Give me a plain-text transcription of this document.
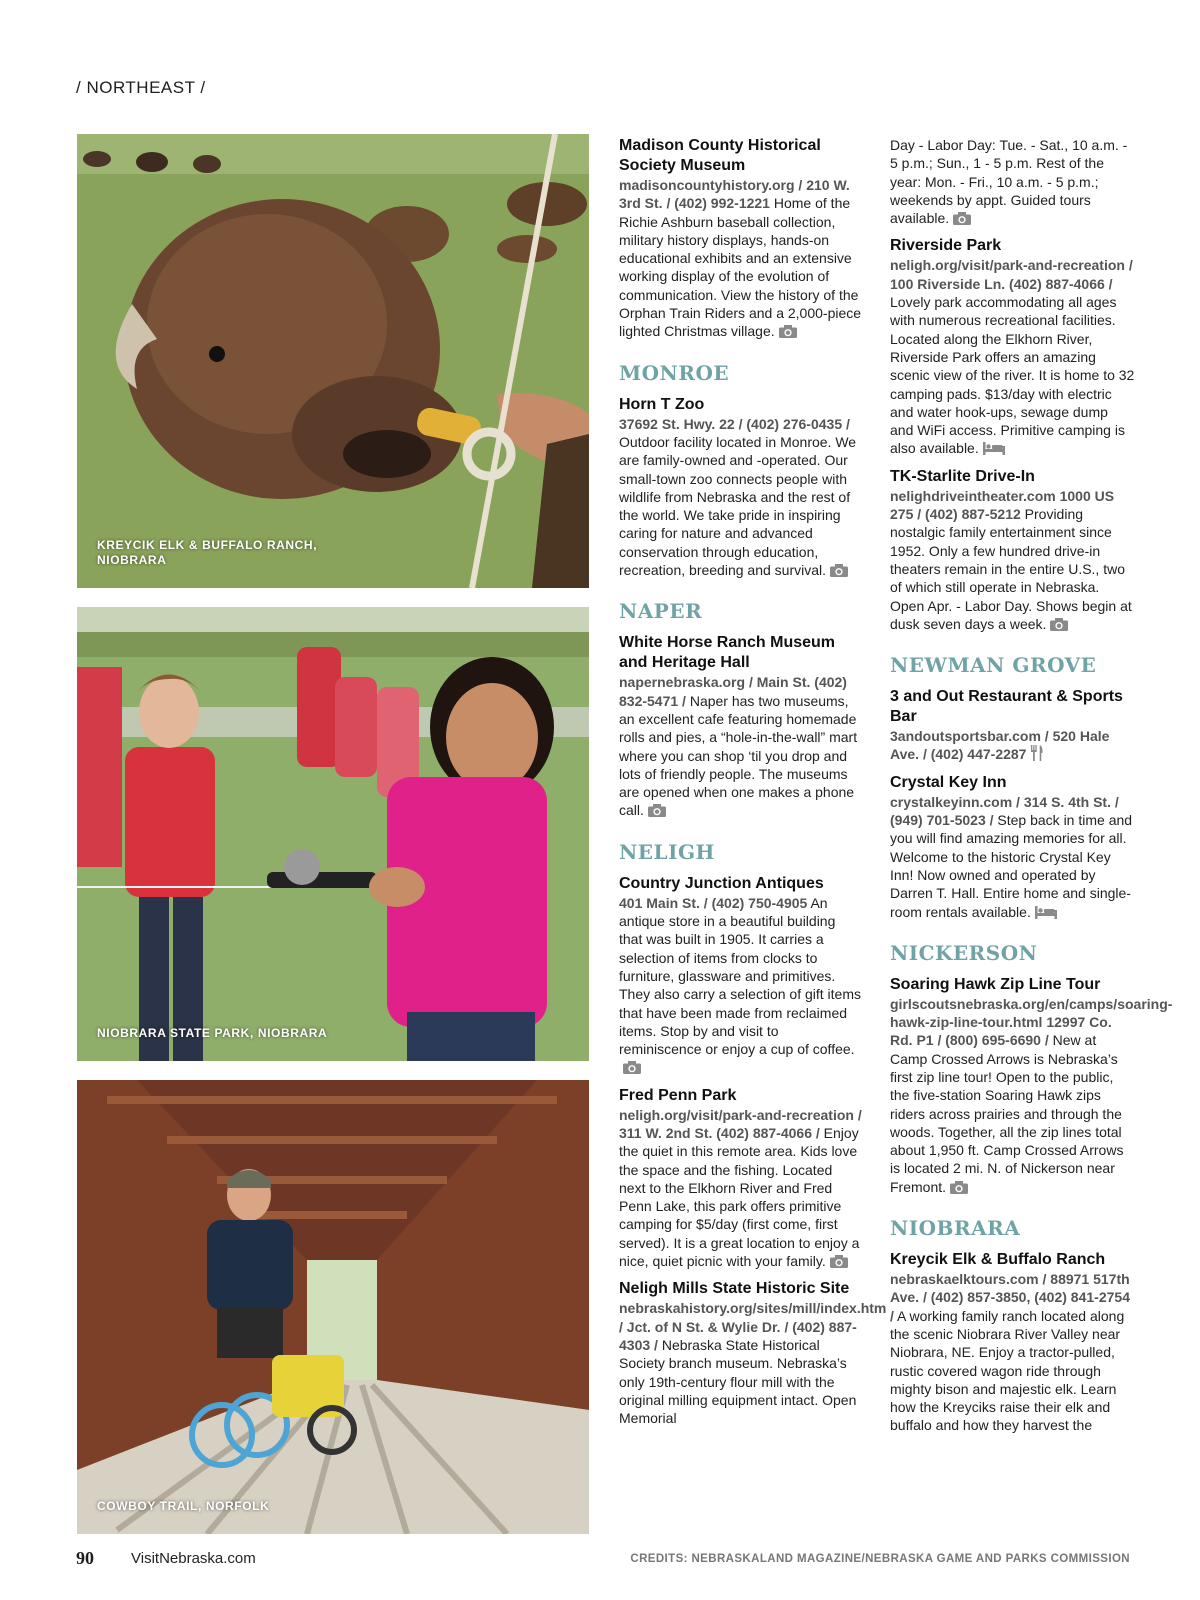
/ NORTHEAST /
KREYCIK ELK & BUFFALO RANCH, NIOBRARA
NIOBRARA STATE PARK, NIOBRARA
COWBOY TRAIL, NORFOLK
Madison County Historical Society Museum
madisoncountyhistory.org / 210 W. 3rd St. / (402) 992-1221 Home of the Richie Ashburn baseball collection, military history displays, hands-on educational exhibits and an extensive working display of the evolution of communication. View the history of the Orphan Train Riders and a 2,000-piece lighted Christmas village.
MONROE
Horn T Zoo
37692 St. Hwy. 22 / (402) 276-0435 / Outdoor facility located in Monroe. We are family-owned and -operated. Our small-town zoo connects people with wildlife from Nebraska and the rest of the world. We take pride in inspiring caring for nature and advanced conservation through education, recreation, breeding and survival.
NAPER
White Horse Ranch Museum and Heritage Hall
napernebraska.org / Main St. (402) 832-5471 / Naper has two museums, an excellent cafe featuring homemade rolls and pies, a “hole-in-the-wall” mart where you can shop ‘til you drop and lots of friendly people. The museums are opened when one makes a phone call.
NELIGH
Country Junction Antiques
401 Main St. / (402) 750-4905 An antique store in a beautiful building that was built in 1905. It carries a selection of items from clocks to furniture, glassware and primitives. They also carry a selection of gift items that have been made from reclaimed items. Stop by and visit to reminiscence or enjoy a cup of coffee.
Fred Penn Park
neligh.org/visit/park-and-recreation / 311 W. 2nd St. (402) 887-4066 / Enjoy the quiet in this remote area. Kids love the space and the fishing. Located next to the Elkhorn River and Fred Penn Lake, this park offers primitive camping for $5/day (first come, first served). It is a great location to enjoy a nice, quiet picnic with your family.
Neligh Mills State Historic Site
nebraskahistory.org/sites/mill/index.htm / Jct. of N St. & Wylie Dr. / (402) 887-4303 / Nebraska State Historical Society branch museum. Nebraska’s only 19th-century flour mill with the original milling equipment intact. Open Memorial
Day - Labor Day: Tue. - Sat., 10 a.m. - 5 p.m.; Sun., 1 - 5 p.m. Rest of the year: Mon. - Fri., 10 a.m. - 5 p.m.; weekends by appt. Guided tours available.
Riverside Park
neligh.org/visit/park-and-recreation / 100 Riverside Ln. (402) 887-4066 / Lovely park accommodating all ages with numerous recreational facilities. Located along the Elkhorn River, Riverside Park offers an amazing scenic view of the river. It is home to 32 camping pads. $13/day with electric and water hook-ups, sewage dump and WiFi access. Primitive camping is also available.
TK-Starlite Drive-In
nelighdriveintheater.com 1000 US 275 / (402) 887-5212 Providing nostalgic family entertainment since 1952. Only a few hundred drive-in theaters remain in the entire U.S., two of which still operate in Nebraska. Open Apr. - Labor Day. Shows begin at dusk seven days a week.
NEWMAN GROVE
3 and Out Restaurant & Sports Bar
3andoutsportsbar.com / 520 Hale Ave. / (402) 447-2287
Crystal Key Inn
crystalkeyinn.com / 314 S. 4th St. / (949) 701-5023 / Step back in time and you will find amazing memories for all. Welcome to the historic Crystal Key Inn! Now owned and operated by Darren T. Hall. Entire home and single-room rentals available.
NICKERSON
Soaring Hawk Zip Line Tour
girlscoutsnebraska.org/en/camps/soaring-hawk-zip-line-tour.html 12997 Co. Rd. P1 / (800) 695-6690 / New at Camp Crossed Arrows is Nebraska’s first zip line tour! Open to the public, the five-station Soaring Hawk zips riders across prairies and through the woods. Together, all the zip lines total about 1,950 ft. Camp Crossed Arrows is located 2 mi. N. of Nickerson near Fremont.
NIOBRARA
Kreycik Elk & Buffalo Ranch
nebraskaelktours.com / 88971 517th Ave. / (402) 857-3850, (402) 841-2754 / A working family ranch located along the scenic Niobrara River Valley near Niobrara, NE. Enjoy a tractor-pulled, rustic covered wagon ride through mighty bison and majestic elk. Learn how the Kreyciks raise their elk and buffalo and how they harvest the
90 VisitNebraska.com	CREDITS: NEBRASKALAND MAGAZINE/NEBRASKA GAME AND PARKS COMMISSION
